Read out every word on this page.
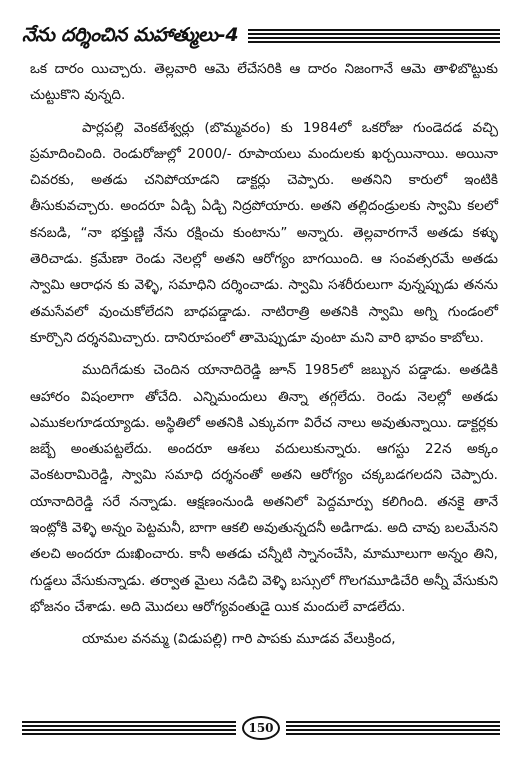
నేను దర్శించిన మహాత్ములు-4

ఒక దారం యిచ్చారు. తెల్లవారి ఆమె లేచేసరికి ఆ దారం నిజంగానే ఆమె తాళిబొట్టుకు చుట్టుకొని వున్నది.

పార్లపల్లి వెంకటేశ్వర్లు (బొమ్మవరం) కు 1984లో ఒకరోజు గుండెదడ వచ్చి ప్రమాదించింది. రెండురోజుల్లో 2000/- రూపాయలు మందులకు ఖర్చయినాయి. అయినా చివరకు, అతడు చనిపోయాడని డాక్టర్లు చెప్పారు. అతనిని కారులో ఇంటికి తీసుకువచ్చారు. అందరూ ఏడ్చి ఏడ్చి నిద్రపోయారు. అతని తల్లిదండ్రులకు స్వామి కలలో కనబడి, “నా భక్తుణ్ణి నేను రక్షించు కుంటాను” అన్నారు. తెల్లవారగానే అతడు కళ్ళు తెరిచాడు. క్రమేణా రెండు నెలల్లో అతని ఆరోగ్యం బాగయింది. ఆ సంవత్సరమే అతడు స్వామి ఆరాధన కు వెళ్ళి, సమాధిని దర్శించాడు. స్వామి సశరీరులుగా వున్నప్పుడు తనను తమసేవలో వుంచుకోలేదని బాధపడ్డాడు. నాటిరాత్రి అతనికి స్వామి అగ్ని గుండంలో కూర్చొని దర్శనమిచ్చారు. దానిరూపంలో తామెప్పుడూ వుంటా మని వారి భావం కాబోలు.

ముదిగేడుకు చెందిన యానాదిరెడ్డి జూన్ 1985లో జబ్బున పడ్డాడు. అతడికి ఆహారం విషంలాగా తోచేది. ఎన్నిమందులు తిన్నా తగ్గలేదు. రెండు నెలల్లో అతడు ఎముకలగూడయ్యాడు. అస్థితిలో అతనికి ఎక్కువగా విరేచ నాలు అవుతున్నాయి. డాక్టర్లకు జబ్బే అంతుపట్టలేదు. అందరూ ఆశలు వదులుకున్నారు. ఆగస్టు 22న అక్కం వెంకటరామిరెడ్డి, స్వామి సమాధి దర్శనంతో అతని ఆరోగ్యం చక్కబడగలదని చెప్పారు. యానాదిరెడ్డి సరే నన్నాడు. ఆక్షణంనుండి అతనిలో పెద్దమార్పు కలిగింది. తనకై తానే ఇంట్లోకి వెళ్ళి అన్నం పెట్టమనీ, బాగా ఆకలి అవుతున్నదనీ అడిగాడు. అది చావు బలమేనని తలచి అందరూ దుఃఖించారు. కానీ అతడు చన్నీటి స్నానంచేసి, మామూలుగా అన్నం తిని, గుడ్డలు వేసుకున్నాడు. తర్వాత మైలు నడిచి వెళ్ళి బస్సులో గొలగమూడిచేరి అన్నీ వేసుకుని భోజనం చేశాడు. అది మొదలు ఆరోగ్యవంతుడై యిక మందులే వాడలేదు.

యామల వనమ్మ (విడుపల్లి) గారి పాపకు మూడవ వేలుక్రింద,

150
